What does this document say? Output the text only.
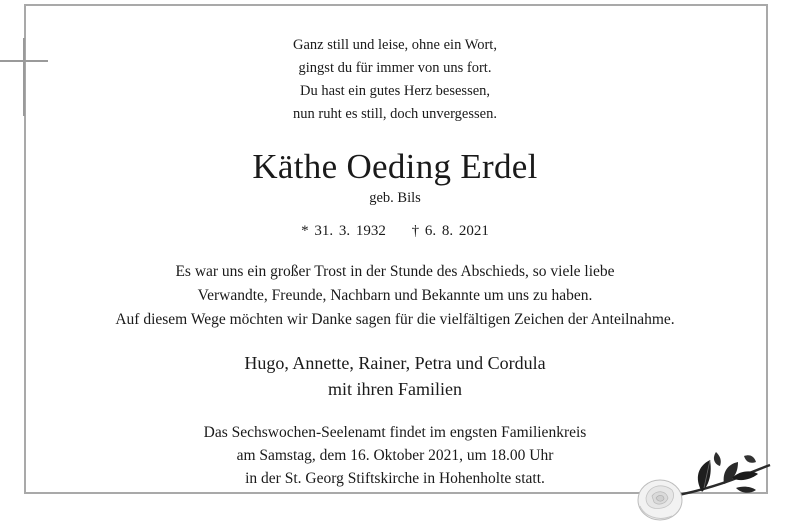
Ganz still und leise, ohne ein Wort,
gingst du für immer von uns fort.
Du hast ein gutes Herz besessen,
nun ruht es still, doch unvergessen.
Käthe Oeding Erdel
geb. Bils
* 31. 3. 1932 † 6. 8. 2021
Es war uns ein großer Trost in der Stunde des Abschieds, so viele liebe
Verwandte, Freunde, Nachbarn und Bekannte um uns zu haben.
Auf diesem Wege möchten wir Danke sagen für die vielfältigen Zeichen der Anteilnahme.
Hugo, Annette, Rainer, Petra und Cordula
mit ihren Familien
Das Sechswochen-Seelenamt findet im engsten Familienkreis
am Samstag, dem 16. Oktober 2021, um 18.00 Uhr
in der St. Georg Stiftskirche in Hohenholte statt.
